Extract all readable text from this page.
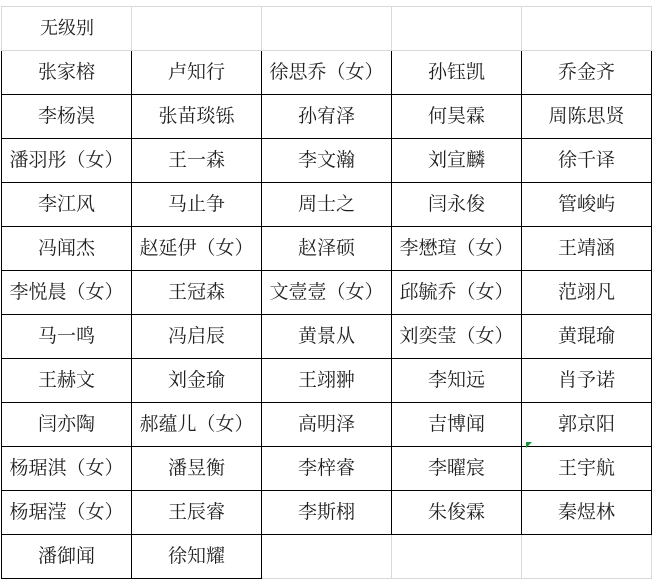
无级别				
张家榕	卢知行	徐思乔（女）	孙钰凯	乔金齐
李杨淏	张苗琰铄	孙宥泽	何昊霖	周陈思贤
潘羽彤（女）	王一森	李文瀚	刘宣麟	徐千译
李江风	马止争	周士之	闫永俊	管峻屿
冯闻杰	赵延伊（女）	赵泽硕	李懋瑄（女）	王靖涵
李悦晨（女）	王冠森	文壹壹（女）	邱毓乔（女）	范翊凡
马一鸣	冯启辰	黄景从	刘奕莹（女）	黄琨瑜
王赫文	刘金瑜	王翊翀	李知远	肖予诺
闫亦陶	郝蕴儿（女）	高明泽	吉博闻	郭京阳
杨琚淇（女）	潘昱衡	李梓睿	李曜宸	王宇航
杨琚滢（女）	王辰睿	李斯栩	朱俊霖	秦煜林
潘御闻	徐知耀			
